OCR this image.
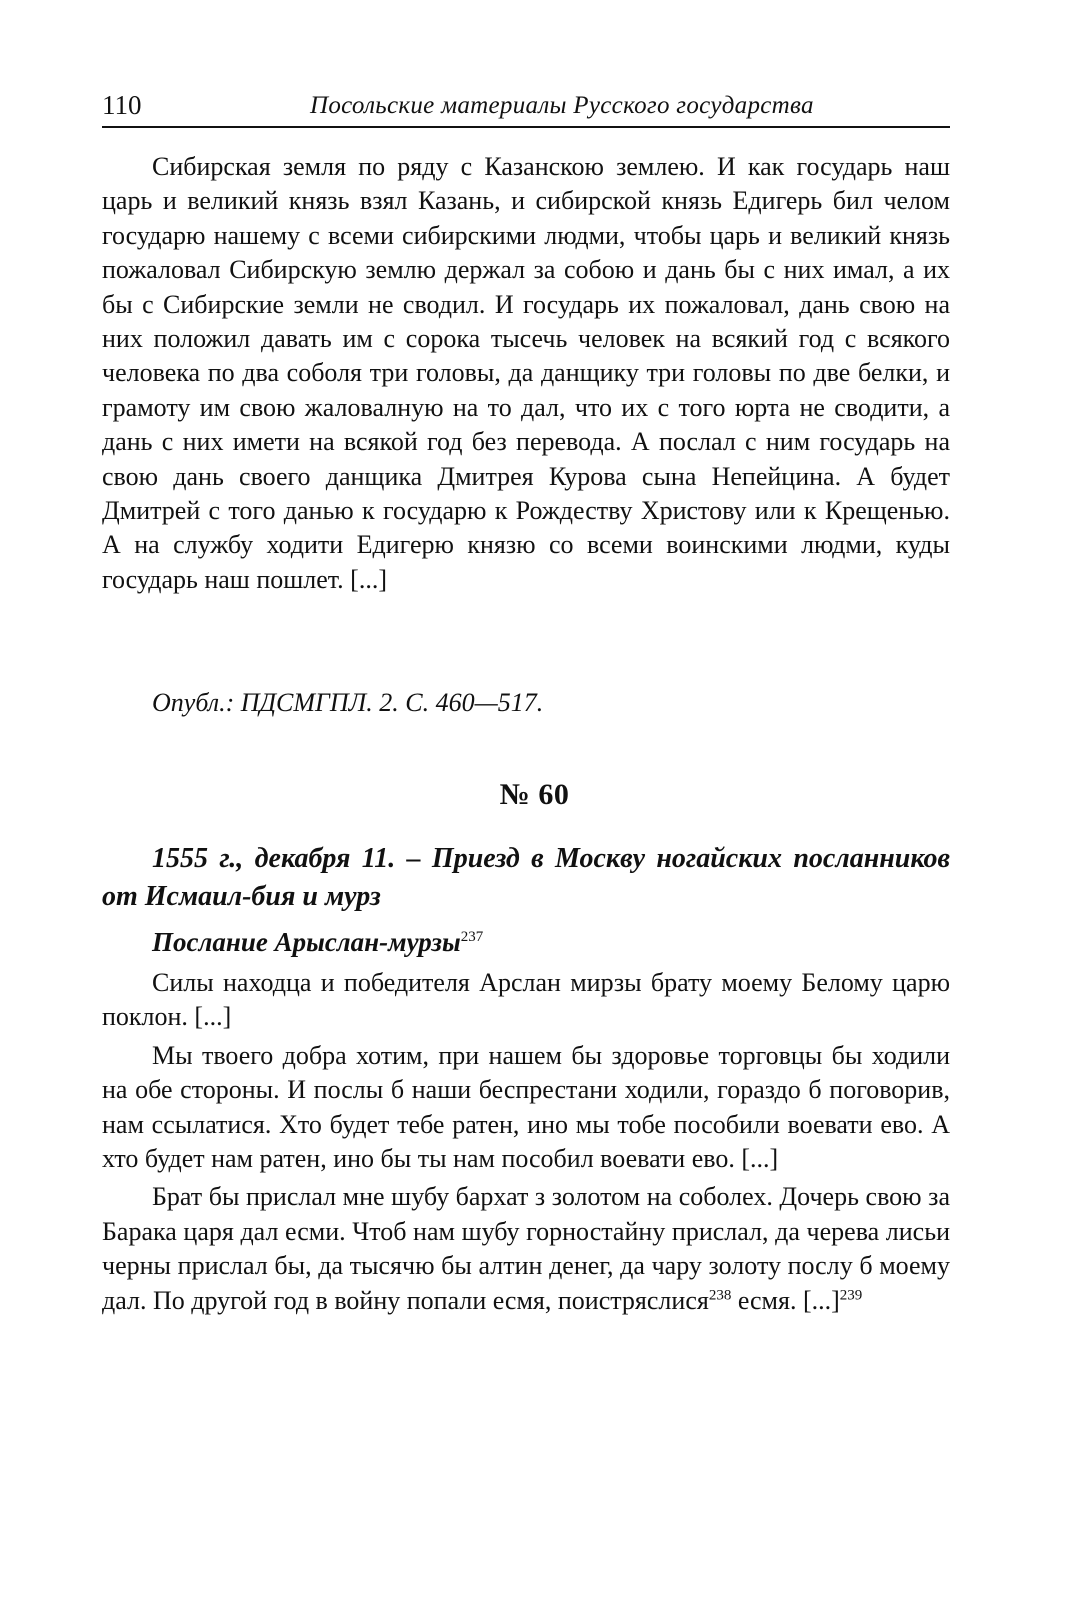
110	Посольские материалы Русского государства

Сибирская земля по ряду с Казанскою землею. И как государь наш царь и великий князь взял Казань, и сибирской князь Едигерь бил челом государю нашему с всеми сибирскими людми, чтобы царь и великий князь пожаловал Сибирскую землю держал за собою и дань бы с них имал, а их бы с Сибирские земли не сводил. И государь их пожаловал, дань свою на них положил давать им с сорока тысечь человек на всякий год с всякого человека по два соболя три головы, да данщику три головы по две белки, и грамоту им свою жаловалную на то дал, что их с того юрта не сводити, а дань с них имети на всякой год без перевода. А послал с ним государь на свою дань своего данщика Дмитрея Курова сына Непейцина. А будет Дмитрей с того данью к государю к Рождеству Христову или к Крещенью. А на службу ходити Едигерю князю со всеми воинскими людми, куды государь наш пошлет. [...]

Опубл.: ПДСМГПЛ. 2. С. 460—517.
№ 60
1555 г., декабря 11. – Приезд в Москву ногайских посланников от Исмаил-бия и мурз
Послание Арыслан-мурзы$^{237}$

Силы находца и победителя Арслан мирзы брату моему Белому царю поклон. [...]

Мы твоего добра хотим, при нашем бы здоровье торговцы бы ходили на обе стороны. И послы б наши беспрестани ходили, гораздо б поговорив, нам ссылатися. Хто будет тебе ратен, ино мы тобе пособили воевати ево. А хто будет нам ратен, ино бы ты нам пособил воевати ево. [...]

Брат бы прислал мне шубу бархат з золотом на соболех. Дочерь свою за Барака царя дал есми. Чтоб нам шубу горностайну прислал, да черева лисьи черны прислал бы, да тысячю бы алтин денег, да чару золоту послу б моему дал. По другой год в войну попали есмя, поистряслися$^{238}$ есмя. [...]$^{239}$
